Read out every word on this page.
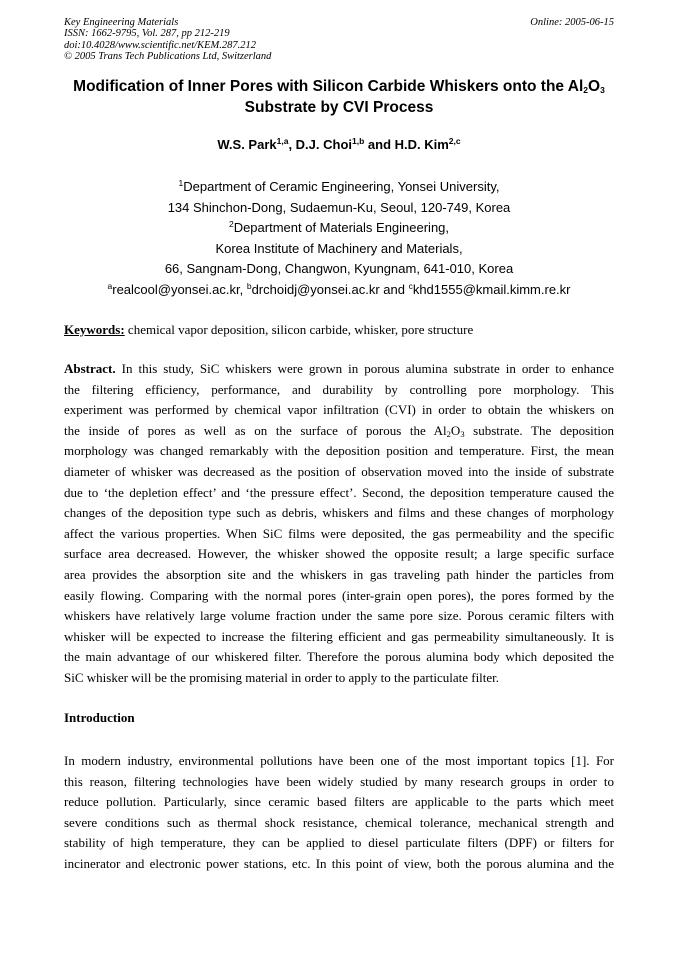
Key Engineering Materials
ISSN: 1662-9795, Vol. 287, pp 212-219
doi:10.4028/www.scientific.net/KEM.287.212
© 2005 Trans Tech Publications Ltd, Switzerland
Online: 2005-06-15
Modification of Inner Pores with Silicon Carbide Whiskers onto the $Al_2O_3$
Substrate by CVI Process
W.S. Park$^{1,a}$, D.J. Choi$^{1,b}$ and H.D. Kim$^{2,c}$
$^1$Department of Ceramic Engineering, Yonsei University,
134 Shinchon-Dong, Sudaemun-Ku, Seoul, 120-749, Korea
$^2$Department of Materials Engineering,
Korea Institute of Machinery and Materials,
66, Sangnam-Dong, Changwon, Kyungnam, 641-010, Korea
$^a$realcool@yonsei.ac.kr, $^b$drchoidj@yonsei.ac.kr and $^c$khd1555@kmail.kimm.re.kr
Keywords: chemical vapor deposition, silicon carbide, whisker, pore structure
Abstract. In this study, SiC whiskers were grown in porous alumina substrate in order to enhance
the filtering efficiency, performance, and durability by controlling pore morphology. This
experiment was performed by chemical vapor infiltration (CVI) in order to obtain the whiskers on
the inside of pores as well as on the surface of porous the $Al_2O_3$ substrate. The deposition
morphology was changed remarkably with the deposition position and temperature. First, the mean
diameter of whisker was decreased as the position of observation moved into the inside of substrate
due to ‘the depletion effect’ and ‘the pressure effect’. Second, the deposition temperature caused the
changes of the deposition type such as debris, whiskers and films and these changes of morphology
affect the various properties. When SiC films were deposited, the gas permeability and the specific
surface area decreased. However, the whisker showed the opposite result; a large specific surface
area provides the absorption site and the whiskers in gas traveling path hinder the particles from
easily flowing. Comparing with the normal pores (inter-grain open pores), the pores formed by the
whiskers have relatively large volume fraction under the same pore size. Porous ceramic filters with
whisker will be expected to increase the filtering efficient and gas permeability simultaneously. It is
the main advantage of our whiskered filter. Therefore the porous alumina body which deposited the
SiC whisker will be the promising material in order to apply to the particulate filter.
Introduction
In modern industry, environmental pollutions have been one of the most important topics [1]. For
this reason, filtering technologies have been widely studied by many research groups in order to
reduce pollution. Particularly, since ceramic based filters are applicable to the parts which meet
severe conditions such as thermal shock resistance, chemical tolerance, mechanical strength and
stability of high temperature, they can be applied to diesel particulate filters (DPF) or filters for
incinerator and electronic power stations, etc. In this point of view, both the porous alumina and the
